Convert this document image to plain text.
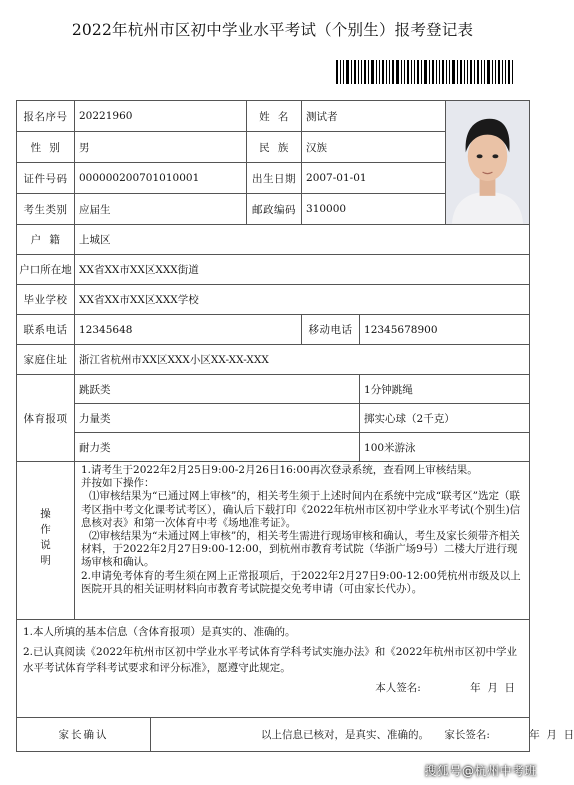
2022年杭州市区初中学业水平考试（个别生）报考登记表
报名序号	20221960		姓  名	测试者	

性  别	男		民  族	汉族		
证件号码	000000200701010001		出生日期	2007-01-01		
考生类别	应届生		邮政编码	310000		
户  籍	上城区					
户口所在地	XX省XX市XX区XXX街道					
毕业学校	XX省XX市XX区XXX学校					
联系电话	12345648			移动电话	12345678900	
家庭住址	浙江省杭州市XX区XXX小区XX-XX-XXX					
体育报项	跳跃类				1分钟跳绳	
	力量类				掷实心球（2千克）	
	耐力类				100米游泳	
操作说明	1.请考生于2022年2月25日9:00-2月26日16:00再次登录系统，查看网上审核结果。

并按如下操作：

⑴审核结果为“已通过网上审核”的，相关考生须于上述时间内在系统中完成“联考区”选定（联考区指中考文化课考试考区），确认后下载打印《2022年杭州市区初中学业水平考试(个别生)信息核对表》和第一次体育中考《场地准考证》。

⑵审核结果为“未通过网上审核”的，相关考生需进行现场审核和确认，考生及家长须带齐相关材料，于2022年2月27日9:00-12:00，到杭州市教育考试院（华浙广场9号）二楼大厅进行现场审核和确认。

2.申请免考体育的考生须在网上正常报项后，于2022年2月27日9:00-12:00凭杭州市级及以上医院开具的相关证明材料向市教育考试院提交免考申请（可由家长代办）。					

1.本人所填的基本信息（含体育报项）是真实的、准确的。

2.已认真阅读《2022年杭州市区初中学业水平考试体育学科考试实施办法》和《2022年杭州市区初中学业水平考试体育学科考试要求和评分标准》，愿遵守此规定。

本人签名: 年  月  日						

家长确认		以上信息已核对，是真实、准确的。 家长签名: 年  月  日				
搜狐号@杭州中考班
